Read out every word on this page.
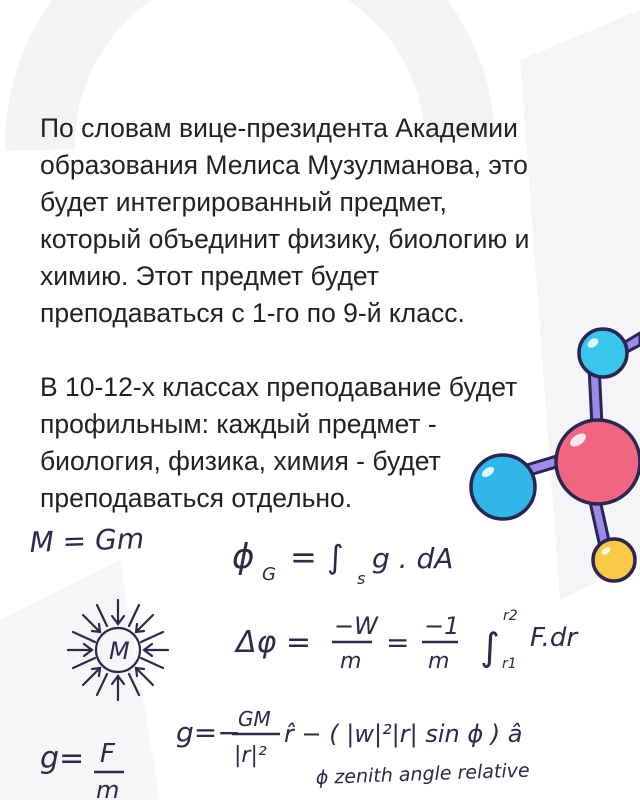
По словам вице-президента Академии
образования Мелиса Музулманова, это
будет интегрированный предмет,
который объединит физику, биологию и
химию. Этот предмет будет
преподаваться с 1-го по 9-й класс.

В 10-12-х классах преподавание будет
профильным: каждый предмет -
биология, физика, химия - будет
преподаваться отдельно.

M = Gm	ϕ G = ∫
s
g . dA
Δφ = −W
m
= −1
m ∫
r2
r1
F.dr
M
g= F
m
g=−
GM
|r|²
r̂ − ( |w|²|r| sin ϕ ) â
ϕ zenith angle relative
